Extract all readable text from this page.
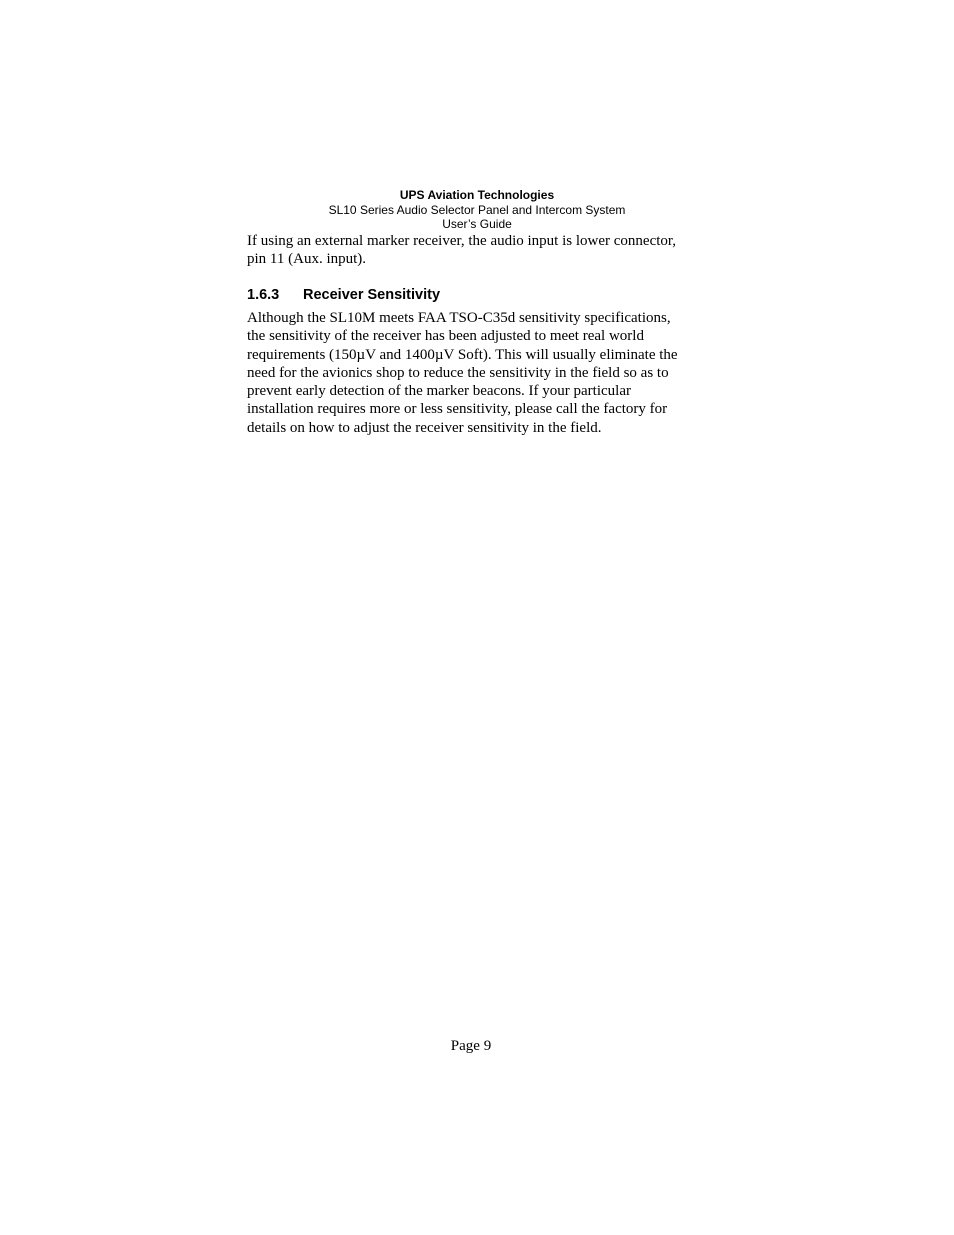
UPS Aviation Technologies
SL10 Series Audio Selector Panel and Intercom System
User’s Guide
If using an external marker receiver, the audio input is lower connector,
pin 11 (Aux. input).
1.6.3 Receiver Sensitivity
Although the SL10M meets FAA TSO-C35d sensitivity specifications,
the sensitivity of the receiver has been adjusted to meet real world
requirements (150µV and 1400µV Soft). This will usually eliminate the
need for the avionics shop to reduce the sensitivity in the field so as to
prevent early detection of the marker beacons. If your particular
installation requires more or less sensitivity, please call the factory for
details on how to adjust the receiver sensitivity in the field.
Page 9
